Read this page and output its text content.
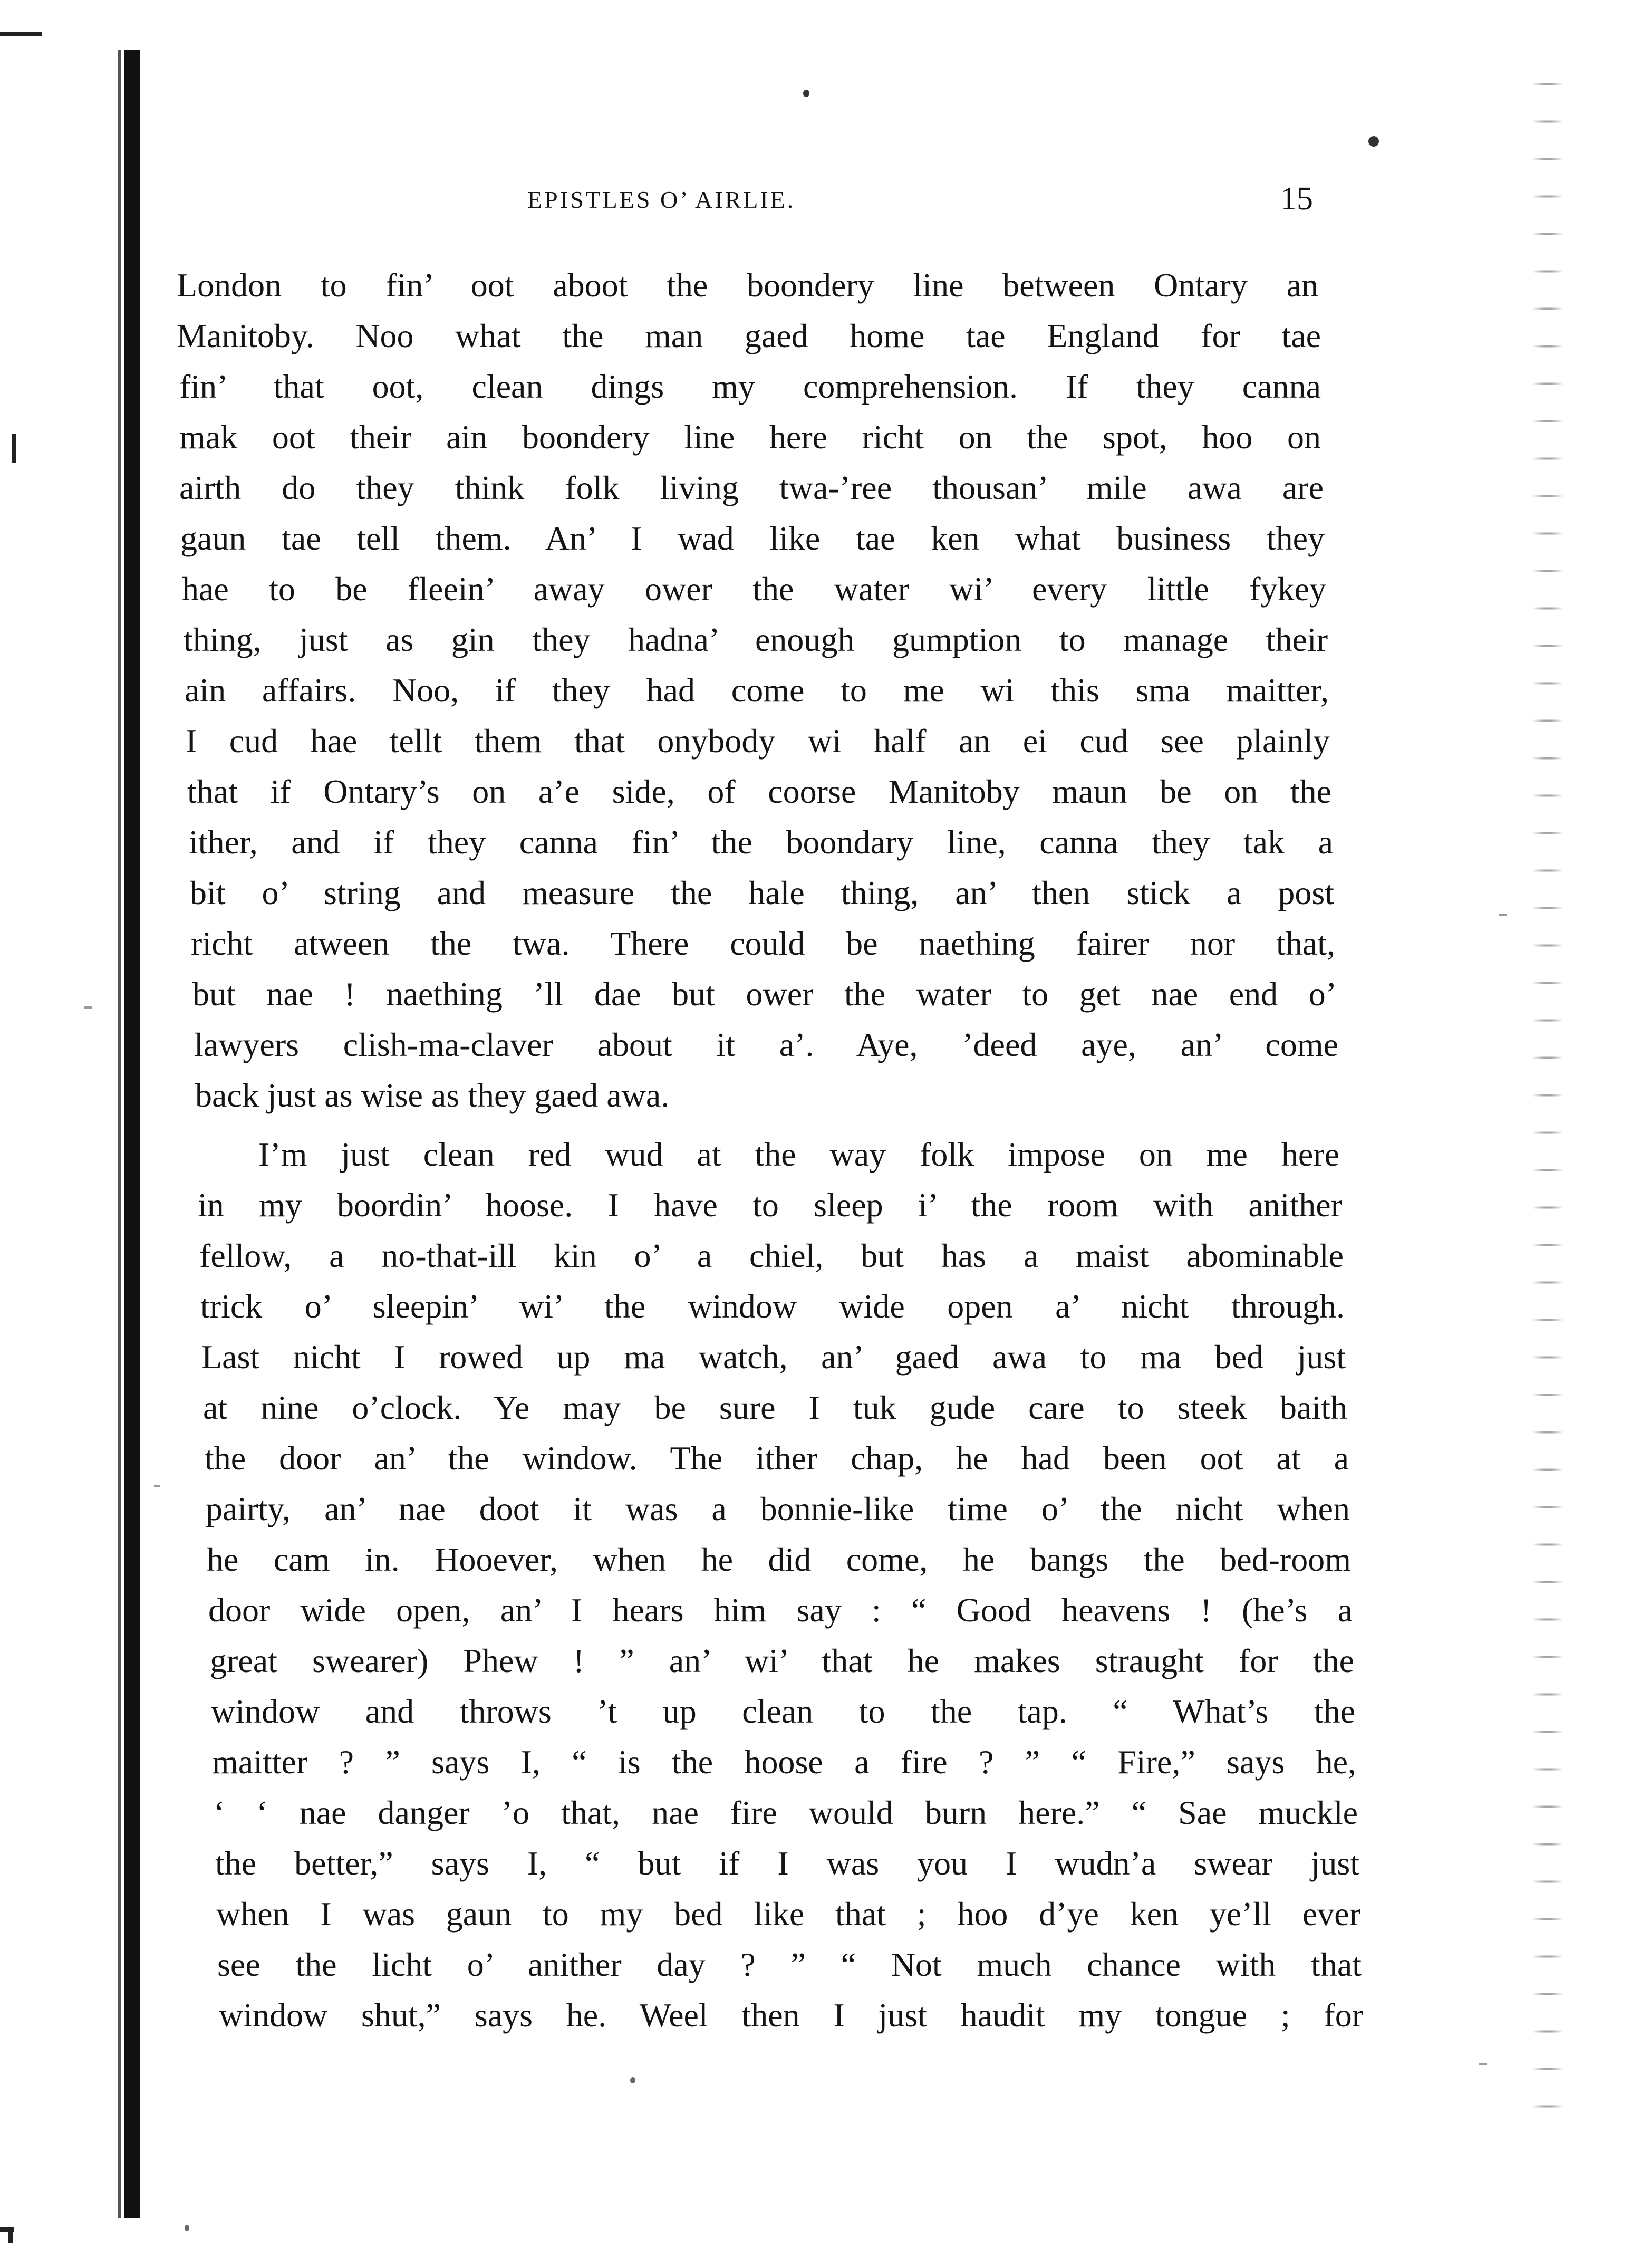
EPISTLES O’ AIRLIE.	15
London to fin’ oot aboot the boondery line between Ontary an
Manitoby. Noo what the man gaed home tae England for tae
fin’ that oot, clean dings my comprehension. If they canna
mak oot their ain boondery line here richt on the spot, hoo on
airth do they think folk living twa-’ree thousan’ mile awa are
gaun tae tell them. An’ I wad like tae ken what business they
hae to be fleein’ away ower the water wi’ every little fykey
thing, just as gin they hadna’ enough gumption to manage their
ain affairs. Noo, if they had come to me wi this sma maitter,
I cud hae tellt them that onybody wi half an ei cud see plainly
that if Ontary’s on a’e side, of coorse Manitoby maun be on the
ither, and if they canna fin’ the boondary line, canna they tak a
bit o’ string and measure the hale thing, an’ then stick a post
richt atween the twa. There could be naething fairer nor that,
but nae ! naething ’ll dae but ower the water to get nae end o’
lawyers clish-ma-claver about it a’. Aye, ’deed aye, an’ come
back just as wise as they gaed awa.
I’m just clean red wud at the way folk impose on me here
in my boordin’ hoose. I have to sleep i’ the room with anither
fellow, a no-that-ill kin o’ a chiel, but has a maist abominable
trick o’ sleepin’ wi’ the window wide open a’ nicht through.
Last nicht I rowed up ma watch, an’ gaed awa to ma bed just
at nine o’clock. Ye may be sure I tuk gude care to steek baith
the door an’ the window. The ither chap, he had been oot at a
pairty, an’ nae doot it was a bonnie-like time o’ the nicht when
he cam in. Hooever, when he did come, he bangs the bed-room
door wide open, an’ I hears him say : “ Good heavens ! (he’s a
great swearer) Phew ! ” an’ wi’ that he makes straught for the
window and throws ’t up clean to the tap. “ What’s the
maitter ? ” says I, “ is the hoose a fire ? ” “ Fire,” says he,
‘ ‘ nae danger ’o that, nae fire would burn here.” “ Sae muckle
the better,” says I, “ but if I was you I wudn’a swear just
when I was gaun to my bed like that ; hoo d’ye ken ye’ll ever
see the licht o’ anither day ? ” “ Not much chance with that
window shut,” says he. Weel then I just haudit my tongue ; for
